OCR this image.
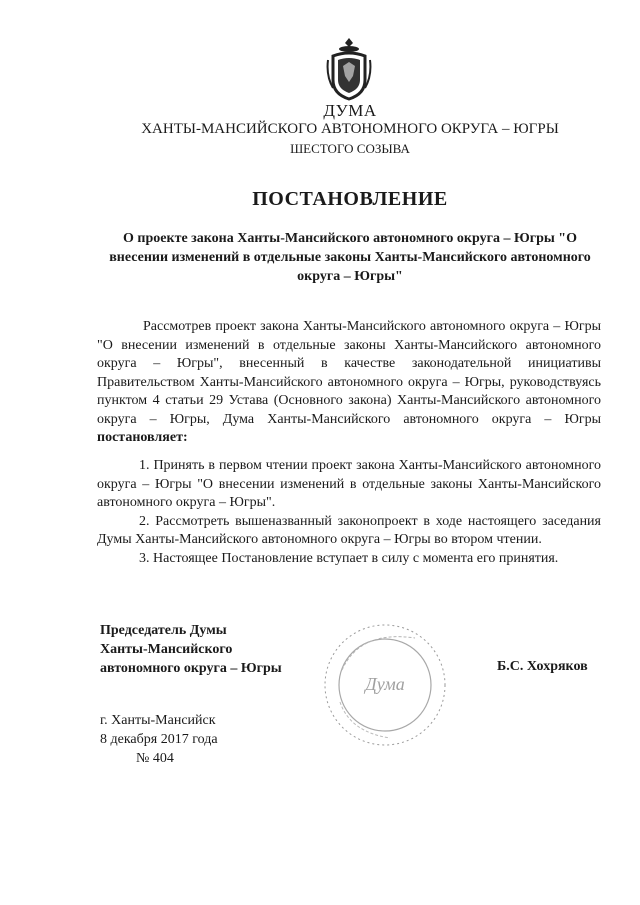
ДУМА
ХАНТЫ-МАНСИЙСКОГО АВТОНОМНОГО ОКРУГА – ЮГРЫ
ШЕСТОГО СОЗЫВА
ПОСТАНОВЛЕНИЕ
О проекте закона Ханты-Мансийского автономного округа – Югры "О внесении изменений в отдельные законы Ханты-Мансийского автономного округа – Югры"
Рассмотрев проект закона Ханты-Мансийского автономного округа – Югры "О внесении изменений в отдельные законы Ханты-Мансийского автономного округа – Югры", внесенный в качестве законодательной инициативы Правительством Ханты-Мансийского автономного округа – Югры, руководствуясь пунктом 4 статьи 29 Устава (Основного закона) Ханты-Мансийского автономного округа – Югры, Дума Ханты-Мансийского автономного округа – Югры постановляет:

1. Принять в первом чтении проект закона Ханты-Мансийского автономного округа – Югры "О внесении изменений в отдельные законы Ханты-Мансийского автономного округа – Югры".

2. Рассмотреть вышеназванный законопроект в ходе настоящего заседания Думы Ханты-Мансийского автономного округа – Югры во втором чтении.

3. Настоящее Постановление вступает в силу с момента его принятия.

Председатель Думы
Ханты-Мансийского
автономного округа – Югры
Дума
Б.С. Хохряков
г. Ханты-Мансийск
8 декабря 2017 года
№ 404
